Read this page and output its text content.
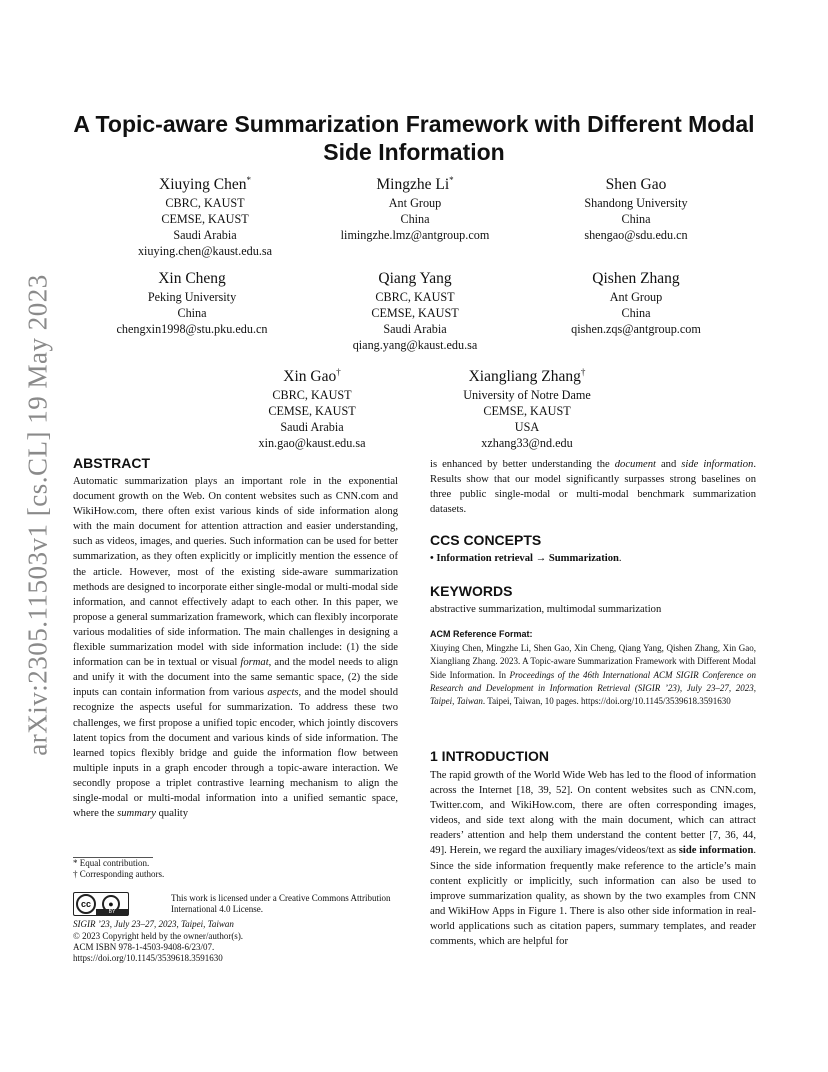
arXiv:2305.11503v1 [cs.CL] 19 May 2023
A Topic-aware Summarization Framework with Different Modal Side Information
Xiuying Chen*
CBRC, KAUST
CEMSE, KAUST
Saudi Arabia
xiuying.chen@kaust.edu.sa
Mingzhe Li*
Ant Group
China
limingzhe.lmz@antgroup.com
Shen Gao
Shandong University
China
shengao@sdu.edu.cn
Xin Cheng
Peking University
China
chengxin1998@stu.pku.edu.cn
Qiang Yang
CBRC, KAUST
CEMSE, KAUST
Saudi Arabia
qiang.yang@kaust.edu.sa
Qishen Zhang
Ant Group
China
qishen.zqs@antgroup.com
Xin Gao†
CBRC, KAUST
CEMSE, KAUST
Saudi Arabia
xin.gao@kaust.edu.sa
Xiangliang Zhang†
University of Notre Dame
CEMSE, KAUST
USA
xzhang33@nd.edu
ABSTRACT
Automatic summarization plays an important role in the exponential document growth on the Web. On content websites such as CNN.com and WikiHow.com, there often exist various kinds of side information along with the main document for attention attraction and easier understanding, such as videos, images, and queries. Such information can be used for better summarization, as they often explicitly or implicitly mention the essence of the article. However, most of the existing side-aware summarization methods are designed to incorporate either single-modal or multi-modal side information, and cannot effectively adapt to each other. In this paper, we propose a general summarization framework, which can flexibly incorporate various modalities of side information. The main challenges in designing a flexible summarization model with side information include: (1) the side information can be in textual or visual format, and the model needs to align and unify it with the document into the same semantic space, (2) the side inputs can contain information from various aspects, and the model should recognize the aspects useful for summarization. To address these two challenges, we first propose a unified topic encoder, which jointly discovers latent topics from the document and various kinds of side information. The learned topics flexibly bridge and guide the information flow between multiple inputs in a graph encoder through a topic-aware interaction. We secondly propose a triplet contrastive learning mechanism to align the single-modal or multi-modal information into a unified semantic space, where the summary quality
* Equal contribution.
† Corresponding authors.
cc	●
BY
This work is licensed under a Creative Commons Attribution International 4.0 License.
SIGIR ’23, July 23–27, 2023, Taipei, Taiwan
© 2023 Copyright held by the owner/author(s).
ACM ISBN 978-1-4503-9408-6/23/07.
https://doi.org/10.1145/3539618.3591630
is enhanced by better understanding the document and side information. Results show that our model significantly surpasses strong baselines on three public single-modal or multi-modal benchmark summarization datasets.
CCS CONCEPTS
• Information retrieval → Summarization.
KEYWORDS
abstractive summarization, multimodal summarization
ACM Reference Format:
Xiuying Chen, Mingzhe Li, Shen Gao, Xin Cheng, Qiang Yang, Qishen Zhang, Xin Gao, Xiangliang Zhang. 2023. A Topic-aware Summarization Framework with Different Modal Side Information. In Proceedings of the 46th International ACM SIGIR Conference on Research and Development in Information Retrieval (SIGIR ’23), July 23–27, 2023, Taipei, Taiwan. Taipei, Taiwan, 10 pages. https://doi.org/10.1145/3539618.3591630
1 INTRODUCTION
The rapid growth of the World Wide Web has led to the flood of information across the Internet [18, 39, 52]. On content websites such as CNN.com, Twitter.com, and WikiHow.com, there are often corresponding images, videos, and side text along with the main document, which can attract readers’ attention and help them understand the content better [7, 36, 44, 49]. Herein, we regard the auxiliary images/videos/text as side information. Since the side information frequently make reference to the article’s main content explicitly or implicitly, such information can also be used to improve summarization quality, as shown by the two examples from CNN and WikiHow Apps in Figure 1. There is also other side information in real-world applications such as citation papers, summary templates, and reader comments, which are helpful for
